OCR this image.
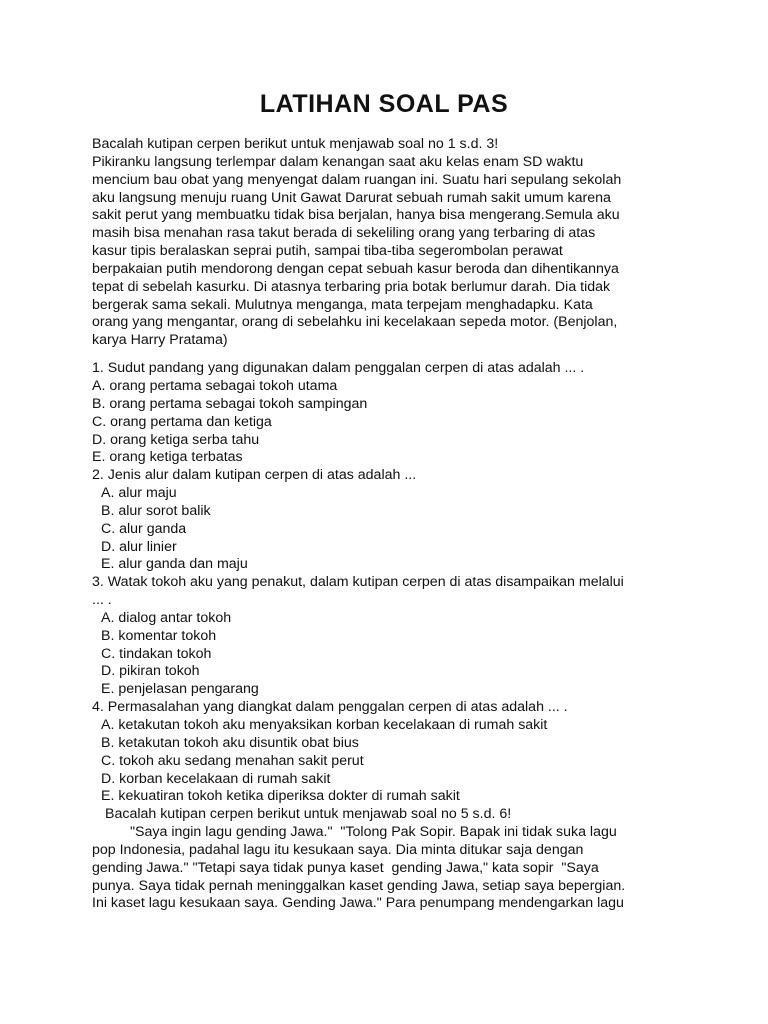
LATIHAN SOAL PAS
Bacalah kutipan cerpen berikut untuk menjawab soal no 1 s.d. 3!
Pikiranku langsung terlempar dalam kenangan saat aku kelas enam SD waktu
mencium bau obat yang menyengat dalam ruangan ini. Suatu hari sepulang sekolah
aku langsung menuju ruang Unit Gawat Darurat sebuah rumah sakit umum karena
sakit perut yang membuatku tidak bisa berjalan, hanya bisa mengerang.Semula aku
masih bisa menahan rasa takut berada di sekeliling orang yang terbaring di atas
kasur tipis beralaskan seprai putih, sampai tiba-tiba segerombolan perawat
berpakaian putih mendorong dengan cepat sebuah kasur beroda dan dihentikannya
tepat di sebelah kasurku. Di atasnya terbaring pria botak berlumur darah. Dia tidak
bergerak sama sekali. Mulutnya menganga, mata terpejam menghadapku. Kata
orang yang mengantar, orang di sebelahku ini kecelakaan sepeda motor. (Benjolan,
karya Harry Pratama)
1. Sudut pandang yang digunakan dalam penggalan cerpen di atas adalah ... .
A. orang pertama sebagai tokoh utama
B. orang pertama sebagai tokoh sampingan
C. orang pertama dan ketiga
D. orang ketiga serba tahu
E. orang ketiga terbatas
2. Jenis alur dalam kutipan cerpen di atas adalah ...
A. alur maju
B. alur sorot balik
C. alur ganda
D. alur linier
E. alur ganda dan maju
3. Watak tokoh aku yang penakut, dalam kutipan cerpen di atas disampaikan melalui
... .
A. dialog antar tokoh
B. komentar tokoh
C. tindakan tokoh
D. pikiran tokoh
E. penjelasan pengarang
4. Permasalahan yang diangkat dalam penggalan cerpen di atas adalah ... .
A. ketakutan tokoh aku menyaksikan korban kecelakaan di rumah sakit
B. ketakutan tokoh aku disuntik obat bius
C. tokoh aku sedang menahan sakit perut
D. korban kecelakaan di rumah sakit
E. kekuatiran tokoh ketika diperiksa dokter di rumah sakit
Bacalah kutipan cerpen berikut untuk menjawab soal no 5 s.d. 6!
"Saya ingin lagu gending Jawa."  "Tolong Pak Sopir. Bapak ini tidak suka lagu
pop Indonesia, padahal lagu itu kesukaan saya. Dia minta ditukar saja dengan
gending Jawa." "Tetapi saya tidak punya kaset  gending Jawa," kata sopir  "Saya
punya. Saya tidak pernah meninggalkan kaset gending Jawa, setiap saya bepergian.
Ini kaset lagu kesukaan saya. Gending Jawa." Para penumpang mendengarkan lagu
